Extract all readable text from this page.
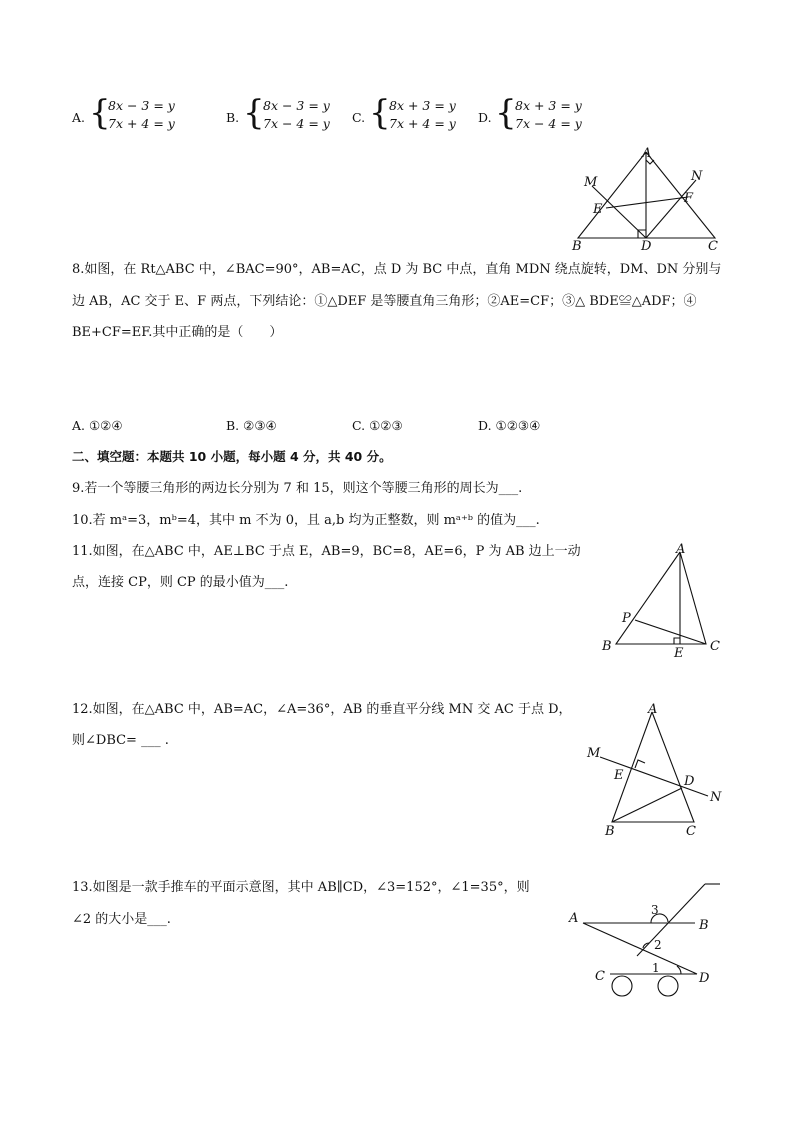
A. {
8x − 3 = y
7x + 4 = y	B. {
8x − 3 = y
7x − 4 = y C. {
8x + 3 = y
7x + 4 = y D. {
8x + 3 = y
7x − 4 = y
A
B	C
D
E
F
M	N
8.如图，在 Rt△ABC 中，∠BAC=90°，AB=AC，点 D 为 BC 中点，直角 MDN 绕点旋转，DM、DN 分别与
边 AB，AC 交于 E、F 两点，下列结论：①△DEF 是等腰直角三角形；②AE=CF；③△ BDE≌△ADF；④
BE+CF=EF.其中正确的是（　　）
A. ①②④	B. ②③④	C. ①②③	D. ①②③④
二、填空题：本题共 10 小题，每小题 4 分，共 40 分。
9.若一个等腰三角形的两边长分别为 7 和 15，则这个等腰三角形的周长为___.
10.若 mᵃ=3，mᵇ=4，其中 m 不为 0，且 a,b 均为正整数，则 mᵃ⁺ᵇ 的值为___.
11.如图，在△ABC 中，AE⊥BC 于点 E，AB=9，BC=8，AE=6，P 为 AB 边上一动
点，连接 CP，则 CP 的最小值为___.
A
B	C
E
P
12.如图，在△ABC 中，AB=AC，∠A=36°，AB 的垂直平分线 MN 交 AC 于点 D，
则∠DBC= ___ .
A
B	C
D
E
M
N
13.如图是一款手推车的平面示意图，其中 AB∥CD，∠3=152°，∠1=35°，则
∠2 的大小是___.	A	B
C	D
3
2
1
